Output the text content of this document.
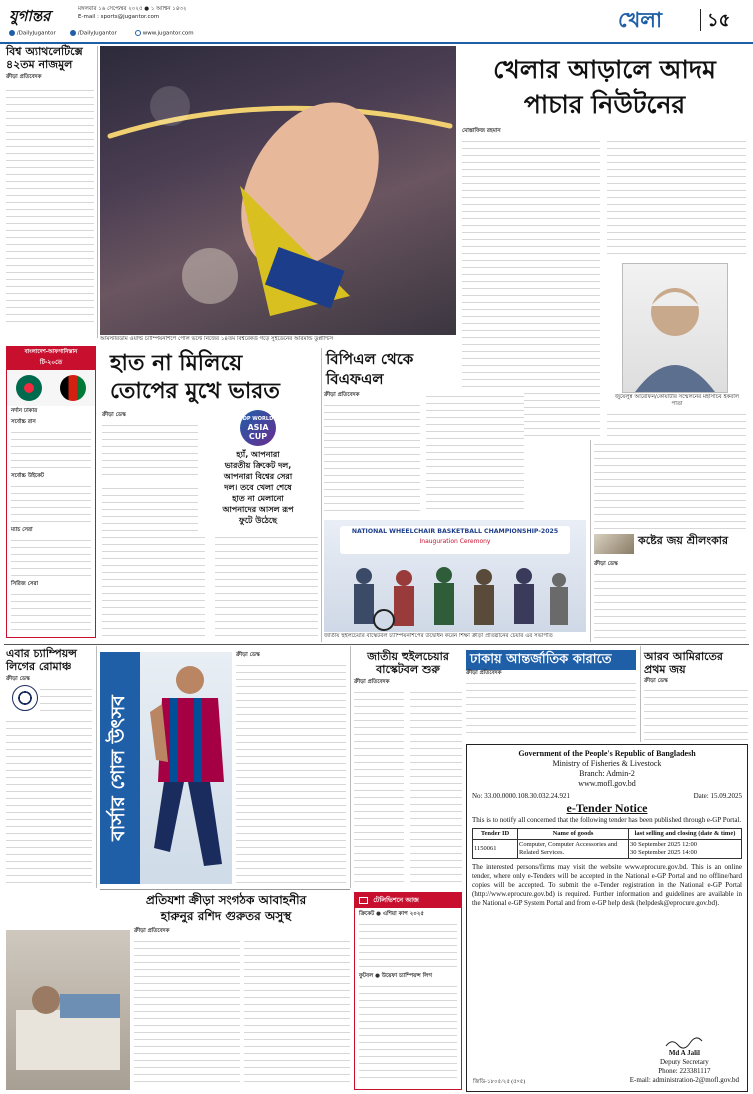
যুগান্তর	মঙ্গলবার ১৬ সেপ্টেম্বর ২০২৫ ● ১ আশ্বিন ১৪৩২
E-mail : sports@jugantor.com
/DailyJugantor	/DailyJugantor	www.jugantor.com
খেলা ১৫
বিশ্ব অ্যাথলেটিক্সে ৪২তম নাজমুল
ক্রীড়া প্রতিবেদক
আমস্টারডাম ওয়ার্ল্ড চ্যাম্পিয়নশিপে পোল ভল্টে নিজের ১৪তম বিশ্বরেকর্ড গড়ে সুইডেনের আরমান্ড ডুপ্লান্টিস
খেলার আড়ালে আদম
পাচার নিউটনের
মোস্তাফিজ রহমান
জুয়েলুন্ন আরেফিন/কোয়ার্টার সম্মেলনের মহাসচিব ইকবাল পাতা
বাংলাদেশ-আফগানিস্তান
টি-২০তে
নর্দান ঢাকার
সর্বোচ্চ রান
সর্বোচ্চ উইকেট
ম্যাচ সেরা
সিরিজ সেরা
হাত না মিলিয়ে তোপের মুখে ভারত
ক্রীড়া ডেস্ক
DP WORLD
ASIA
CUP
হ্যাঁ, আপনারা
ভারতীয় ক্রিকেট দল,
আপনারা বিশ্বের সেরা
দল। তবে খেলা শেষে
হাত না মেলানো
আপনাদের আসল রূপ
ফুটে উঠেছে
বিপিএল থেকে
বিএফএল
ক্রীড়া প্রতিবেদক
NATIONAL WHEELCHAIR BASKETBALL CHAMPIONSHIP-2025
Inauguration Ceremony
জাতীয় হুইলচেয়ার বাস্কেটবল চ্যাম্পিয়নশিপের উদ্বোধন করেন শিক্ষা ক্রীড়া প্রতিষ্ঠানের চেয়ার এর সভাপতি
কষ্টের জয় শ্রীলংকার
ক্রীড়া ডেস্ক
এবার চ্যাম্পিয়ন্স লিগের রোমাঞ্চ
ক্রীড়া ডেস্ক
বার্সার গোল উৎসব
ক্রীড়া ডেস্ক	জাতীয় হুইলচেয়ার বাস্কেটবল শুরু
ক্রীড়া প্রতিবেদক
ঢাকায় আন্তর্জাতিক কারাতে
ক্রীড়া প্রতিবেদক
আরব আমিরাতের প্রথম জয়
ক্রীড়া ডেস্ক
Government of the People's Republic of Bangladesh
Ministry of Fisheries & Livestock
Branch: Admin-2
www.mofl.gov.bd
No: 33.00.0000.108.30.032.24.921	Date: 15.09.2025
e-Tender Notice
This is to notify all concerned that the following tender has been published through e-GP Portal.
Tender ID	Name of goods	last selling and closing (date & time)
1150061	Computer, Computer Accessories and Related Services.	30 September 2025 12:00
30 September 2025 14:00
The interested persons/firms may visit the website www.eprocure.gov.bd. This is an online tender, where only e-Tenders will be accepted in the National e-GP Portal and no offline/hard copies will be accepted. To submit the e-Tender registration in the National e-GP Portal (http://www.eprocure.gov.bd) is required. Further information and guidelines are available in the National e-GP System Portal and from e-GP help desk (helpdesk@eprocure.gov.bd).
Md A Jalil
Deputy Secretary
Phone: 223381117
E-mail: administration-2@mofl.gov.bd
জিডি-১৮০৫/২৫ (৫×৫)
টেলিভিশনে আজ
ক্রিকেট ● এশিয়া কাপ ২০২৫
ফুটবল ● উয়েফা চ্যাম্পিয়ন্স লিগ
প্রতিযশা ক্রীড়া সংগঠক আবাহনীর
হারুনুর রশিদ গুরুতর অসুস্থ
ক্রীড়া প্রতিবেদক
